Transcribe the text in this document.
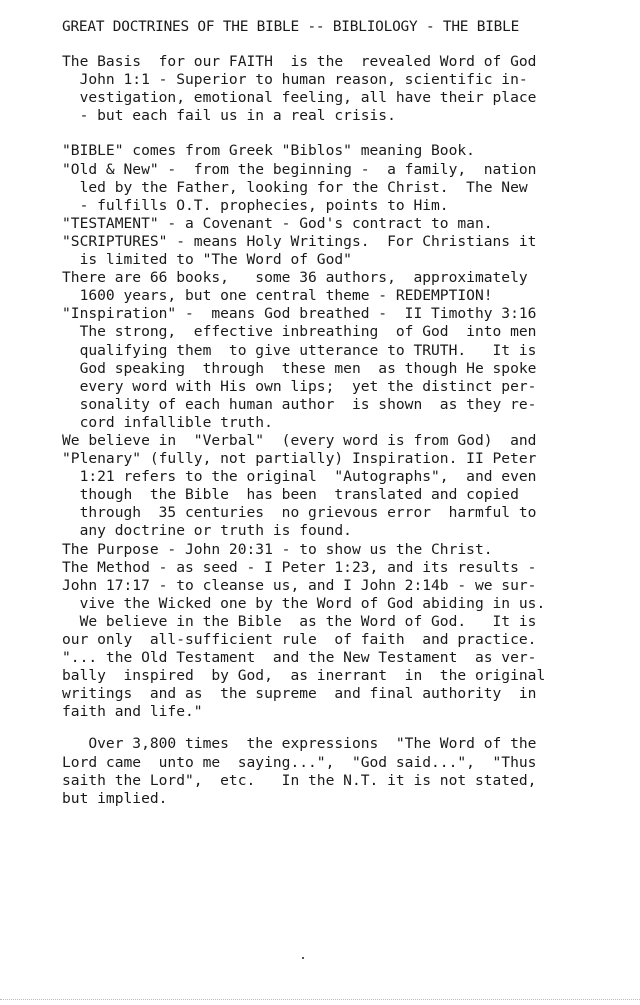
GREAT DOCTRINES OF THE BIBLE -- BIBLIOLOGY - THE BIBLE
The Basis  for our FAITH  is the  revealed Word of God
John 1:1 - Superior to human reason, scientific in-
vestigation, emotional feeling, all have their place
- but each fail us in a real crisis.
"BIBLE" comes from Greek "Biblos" meaning Book.
"Old & New" -  from the beginning -  a family,  nation
led by the Father, looking for the Christ.  The New
- fulfills O.T. prophecies, points to Him.
"TESTAMENT" - a Covenant - God's contract to man.
"SCRIPTURES" - means Holy Writings.  For Christians it
is limited to "The Word of God"
There are 66 books,   some 36 authors,  approximately
1600 years, but one central theme - REDEMPTION!
"Inspiration" -  means God breathed -  II Timothy 3:16
The strong,  effective inbreathing  of God  into men
qualifying them  to give utterance to TRUTH.   It is
God speaking  through  these men  as though He spoke
every word with His own lips;  yet the distinct per-
sonality of each human author  is shown  as they re-
cord infallible truth.
We believe in  "Verbal"  (every word is from God)  and
"Plenary" (fully, not partially) Inspiration. II Peter
1:21 refers to the original  "Autographs",  and even
though  the Bible  has been  translated and copied
through  35 centuries  no grievous error  harmful to
any doctrine or truth is found.
The Purpose - John 20:31 - to show us the Christ.
The Method - as seed - I Peter 1:23, and its results -
John 17:17 - to cleanse us, and I John 2:14b - we sur-
vive the Wicked one by the Word of God abiding in us.
We believe in the Bible  as the Word of God.   It is
our only  all-sufficient rule  of faith  and practice.
"... the Old Testament  and the New Testament  as ver-
bally  inspired  by God,  as inerrant  in  the original
writings  and as  the supreme  and final authority  in
faith and life."
Over 3,800 times  the expressions  "The Word of the
Lord came  unto me  saying...",  "God said...",  "Thus
saith the Lord",  etc.   In the N.T. it is not stated,
but implied.
